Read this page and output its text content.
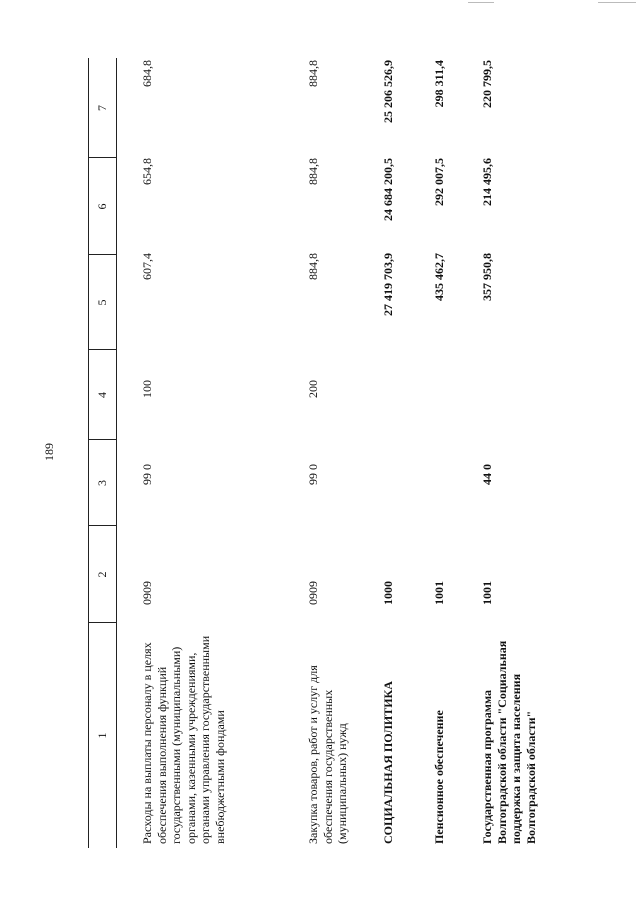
189
1
2
3
4
5
6
7
Расходы на выплаты персоналу в целях обеспечения выполнения функций государственными (муниципальными) органами, казенными учреждениями, органами управления государственными внебюджетными фондами
0909
99 0
100
607,4
654,8
684,8
Закупка товаров, работ и услуг для обеспечения государственных (муниципальных) нужд
0909
99 0
200
884,8
884,8
884,8
СОЦИАЛЬНАЯ ПОЛИТИКА
1000
27 419 703,9
24 684 200,5
25 206 526,9
Пенсионное обеспечение
1001
435 462,7
292 007,5
298 311,4
Государственная программа Волгоградской области "Социальная поддержка и защита населения Волгоградской области"
1001
44 0
357 950,8
214 495,6
220 799,5
